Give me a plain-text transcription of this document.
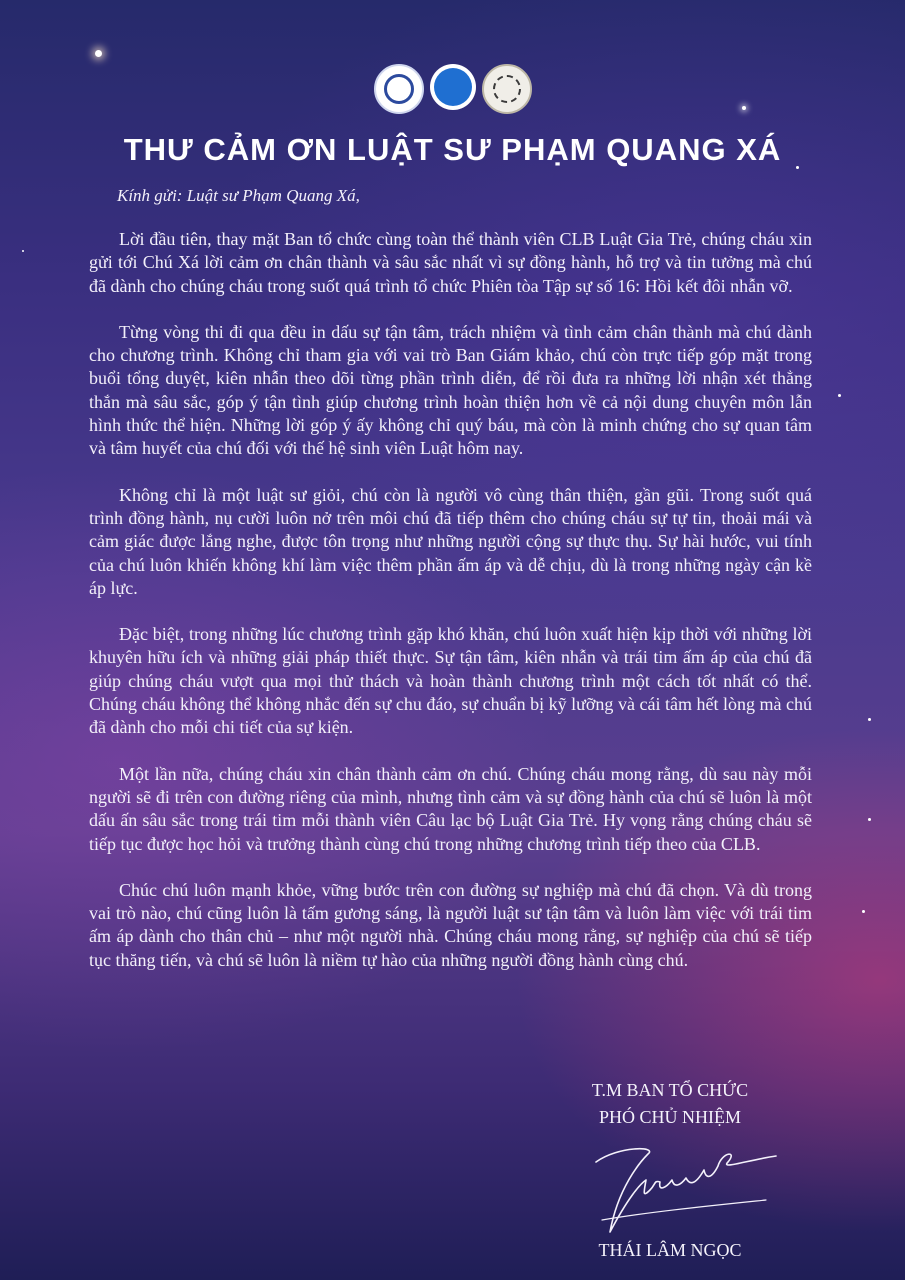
THƯ CẢM ƠN LUẬT SƯ PHẠM QUANG XÁ
Kính gửi: Luật sư Phạm Quang Xá,

Lời đầu tiên, thay mặt Ban tổ chức cùng toàn thể thành viên CLB Luật Gia Trẻ, chúng cháu xin gửi tới Chú Xá lời cảm ơn chân thành và sâu sắc nhất vì sự đồng hành, hỗ trợ và tin tưởng mà chú đã dành cho chúng cháu trong suốt quá trình tổ chức Phiên tòa Tập sự số 16: Hồi kết đôi nhẫn vỡ.

Từng vòng thi đi qua đều in dấu sự tận tâm, trách nhiệm và tình cảm chân thành mà chú dành cho chương trình. Không chỉ tham gia với vai trò Ban Giám khảo, chú còn trực tiếp góp mặt trong buổi tổng duyệt, kiên nhẫn theo dõi từng phần trình diễn, để rồi đưa ra những lời nhận xét thẳng thắn mà sâu sắc, góp ý tận tình giúp chương trình hoàn thiện hơn về cả nội dung chuyên môn lẫn hình thức thể hiện. Những lời góp ý ấy không chỉ quý báu, mà còn là minh chứng cho sự quan tâm và tâm huyết của chú đối với thế hệ sinh viên Luật hôm nay.

Không chỉ là một luật sư giỏi, chú còn là người vô cùng thân thiện, gần gũi. Trong suốt quá trình đồng hành, nụ cười luôn nở trên môi chú đã tiếp thêm cho chúng cháu sự tự tin, thoải mái và cảm giác được lắng nghe, được tôn trọng như những người cộng sự thực thụ. Sự hài hước, vui tính của chú luôn khiến không khí làm việc thêm phần ấm áp và dễ chịu, dù là trong những ngày cận kề áp lực.

Đặc biệt, trong những lúc chương trình gặp khó khăn, chú luôn xuất hiện kịp thời với những lời khuyên hữu ích và những giải pháp thiết thực. Sự tận tâm, kiên nhẫn và trái tim ấm áp của chú đã giúp chúng cháu vượt qua mọi thử thách và hoàn thành chương trình một cách tốt nhất có thể. Chúng cháu không thể không nhắc đến sự chu đáo, sự chuẩn bị kỹ lưỡng và cái tâm hết lòng mà chú đã dành cho mỗi chi tiết của sự kiện.

Một lần nữa, chúng cháu xin chân thành cảm ơn chú. Chúng cháu mong rằng, dù sau này mỗi người sẽ đi trên con đường riêng của mình, nhưng tình cảm và sự đồng hành của chú sẽ luôn là một dấu ấn sâu sắc trong trái tim mỗi thành viên Câu lạc bộ Luật Gia Trẻ. Hy vọng rằng chúng cháu sẽ tiếp tục được học hỏi và trưởng thành cùng chú trong những chương trình tiếp theo của CLB.

Chúc chú luôn mạnh khỏe, vững bước trên con đường sự nghiệp mà chú đã chọn. Và dù trong vai trò nào, chú cũng luôn là tấm gương sáng, là người luật sư tận tâm và luôn làm việc với trái tim ấm áp dành cho thân chủ – như một người nhà. Chúng cháu mong rằng, sự nghiệp của chú sẽ tiếp tục thăng tiến, và chú sẽ luôn là niềm tự hào của những người đồng hành cùng chú.

T.M BAN TỔ CHỨC
PHÓ CHỦ NHIỆM
THÁI LÂM NGỌC
